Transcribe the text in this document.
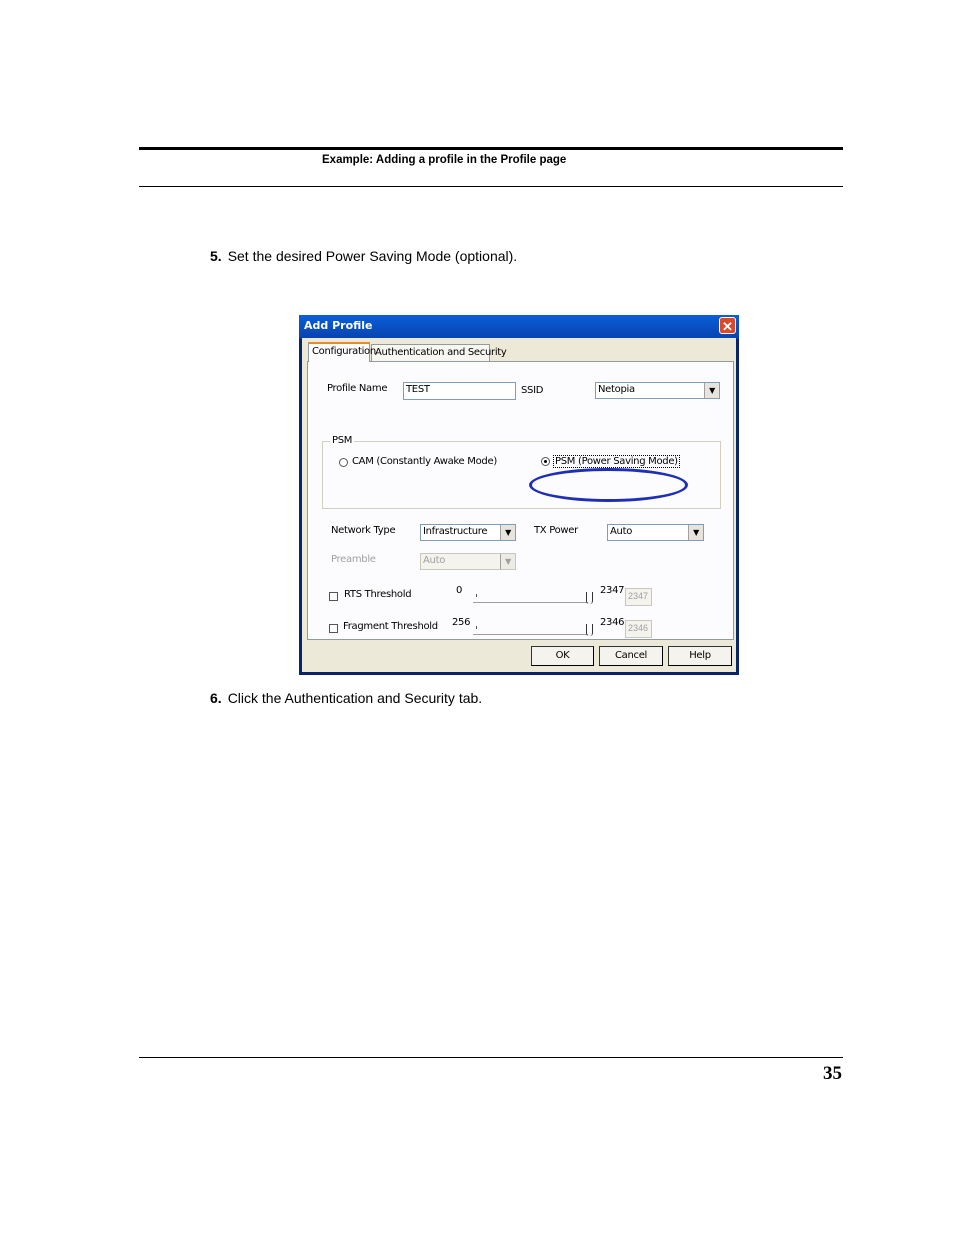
Example: Adding a profile in the Profile page
5. Set the desired Power Saving Mode (optional).
Add Profile	✕
Configuration Authentication and Security
Profile Name	TEST	SSID	Netopia	▼
PSM
CAM (Constantly Awake Mode)	PSM (Power Saving Mode)
Network Type	Infrastructure	▼	TX Power	Auto	▼
Preamble	Auto	▼
RTS Threshold	0	2347 2347
Fragment Threshold 256	2346 2346
OK	Cancel	Help
6. Click the Authentication and Security tab.
35
